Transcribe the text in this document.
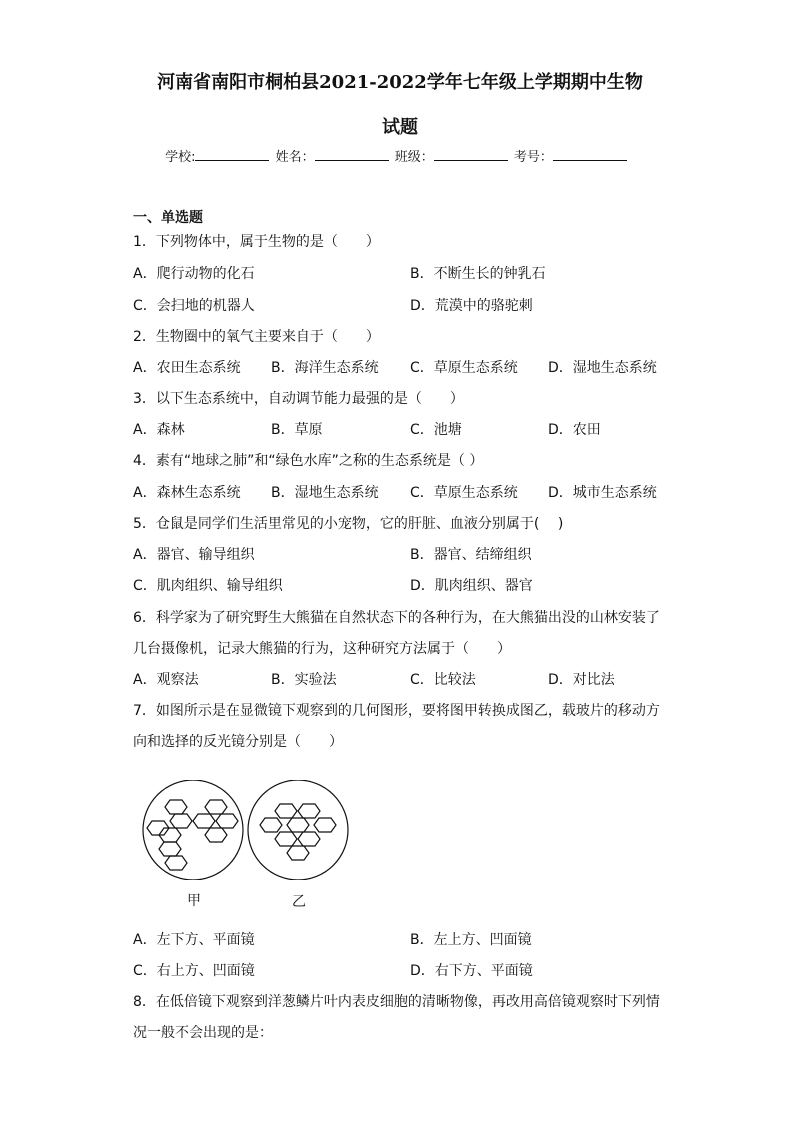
河南省南阳市桐柏县2021-2022学年七年级上学期期中生物
试题
学校:	姓名：	班级：	考号：
一、单选题
1．下列物体中，属于生物的是（　　）
A．爬行动物的化石	B．不断生长的钟乳石
C．会扫地的机器人	D．荒漠中的骆驼刺
2．生物圈中的氧气主要来自于（　　）
A．农田生态系统 B．海洋生态系统 C．草原生态系统 D．湿地生态系统
3．以下生态系统中，自动调节能力最强的是（　　）
A．森林	B．草原	C．池塘	D．农田
4．素有“地球之肺”和“绿色水库”之称的生态系统是（ ）
A．森林生态系统 B．湿地生态系统 C．草原生态系统 D．城市生态系统
5．仓鼠是同学们生活里常见的小宠物，它的肝脏、血液分别属于(　 )
A．器官、输导组织	B．器官、结缔组织
C．肌肉组织、输导组织	D．肌肉组织、器官
6．科学家为了研究野生大熊猫在自然状态下的各种行为，在大熊猫出没的山林安装了
几台摄像机，记录大熊猫的行为，这种研究方法属于（　　）
A．观察法	B．实验法	C．比较法	D．对比法
7．如图所示是在显微镜下观察到的几何图形，要将图甲转换成图乙，载玻片的移动方
向和选择的反光镜分别是（　　）
甲	乙
A．左下方、平面镜	B．左上方、凹面镜
C．右上方、凹面镜	D．右下方、平面镜
8．在低倍镜下观察到洋葱鳞片叶内表皮细胞的清晰物像，再改用高倍镜观察时下列情
况一般不会出现的是：
